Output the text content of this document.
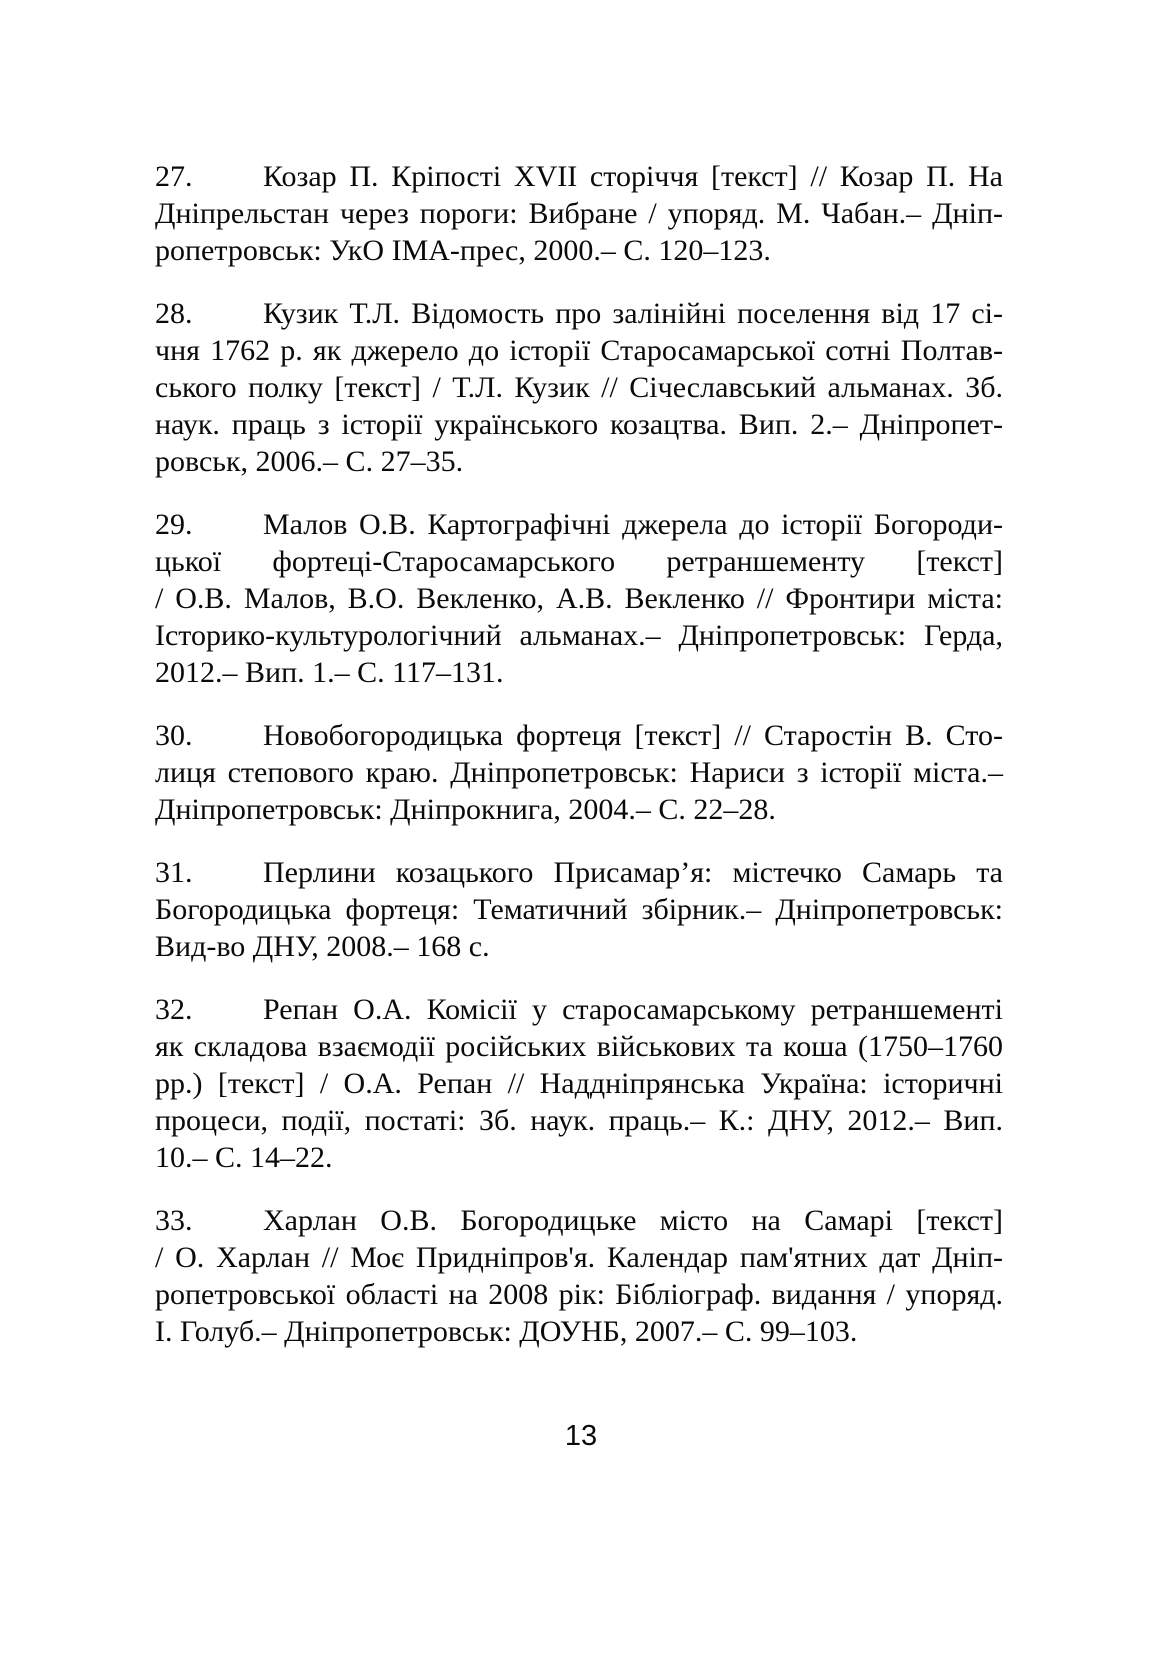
27. Козар П. Кріпості XVII сторіччя [текст] // Козар П. На
Дніпрельстан через пороги: Вибране / упоряд. М. Чабан.– Дніп-
ропетровськ: УкО ІМА-прес, 2000.– С. 120–123.
28. Кузик Т.Л. Відомость про залінійні поселення від 17 сі-
чня 1762 р. як джерело до історії Старосамарської сотні Полтав-
ського полку [текст] / Т.Л. Кузик // Січеславський альманах. Зб.
наук. праць з історії українського козацтва. Вип. 2.– Дніпропет-
ровськ, 2006.– С. 27–35.
29. Малов О.В. Картографічні джерела до історії Богороди-
цької фортеці-Старосамарського ретраншементу [текст]
/ О.В. Малов, В.О. Векленко, А.В. Векленко // Фронтири міста:
Історико-культурологічний альманах.– Дніпропетровськ: Герда,
2012.– Вип. 1.– С. 117–131.
30. Новобогородицька фортеця [текст] // Старостін В. Сто-
лиця степового краю. Дніпропетровськ: Нариси з історії міста.–
Дніпропетровськ: Дніпрокнига, 2004.– С. 22–28.
31. Перлини козацького Присамар’я: містечко Самарь та
Богородицька фортеця: Тематичний збірник.– Дніпропетровськ:
Вид-во ДНУ, 2008.– 168 с.
32. Репан О.А. Комісії у старосамарському ретраншементі
як складова взаємодії російських військових та коша (1750–1760
рр.) [текст] / О.А. Репан // Наддніпрянська Україна: історичні
процеси, події, постаті: Зб. наук. праць.– К.: ДНУ, 2012.– Вип.
10.– С. 14–22.
33. Харлан О.В. Богородицьке місто на Самарі [текст]
/ О. Харлан // Моє Придніпров'я. Календар пам'ятних дат Дніп-
ропетровської області на 2008 рік: Бібліограф. видання / упоряд.
І. Голуб.– Дніпропетровськ: ДОУНБ, 2007.– С. 99–103.
13
